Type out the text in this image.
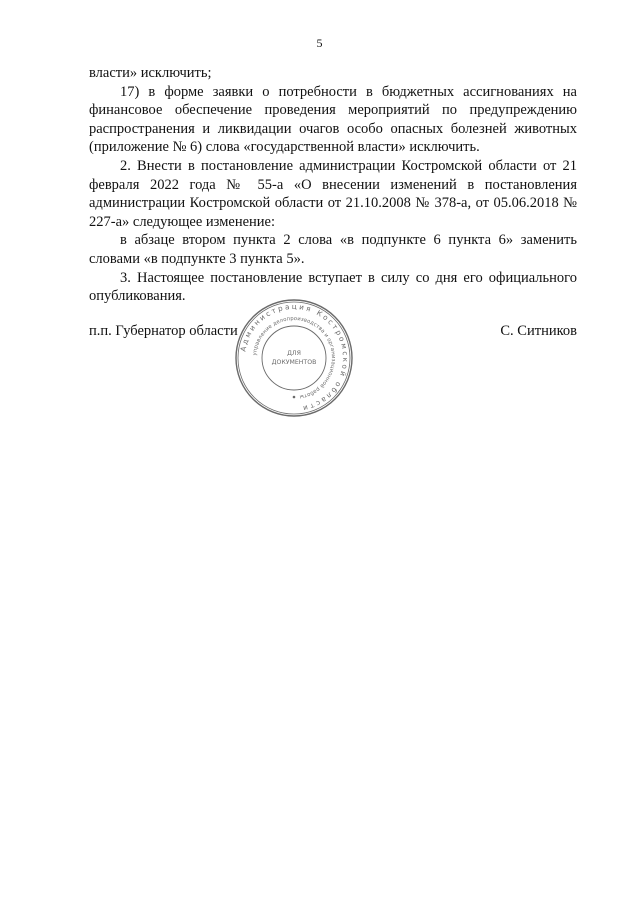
5

власти» исключить;

17) в форме заявки о потребности в бюджетных ассигнованиях на финансовое обеспечение проведения мероприятий по предупреждению распространения и ликвидации очагов особо опасных болезней животных (приложение № 6) слова «государственной власти» исключить.

2. Внести в постановление администрации Костромской области от 21 февраля 2022 года № 55-а «О внесении изменений в постановления администрации Костромской области от 21.10.2008 № 378-а, от 05.06.2018 № 227-а» следующее изменение:

в абзаце втором пункта 2 слова «в подпункте 6 пункта 6» заменить словами «в подпункте 3 пункта 5».

3. Настоящее постановление вступает в силу со дня его официального опубликования.

п.п. Губернатор области	С. Ситников
Администрация Костромской области
управление делопроизводства и организационной работы
ДЛЯ
ДОКУМЕНТОВ
